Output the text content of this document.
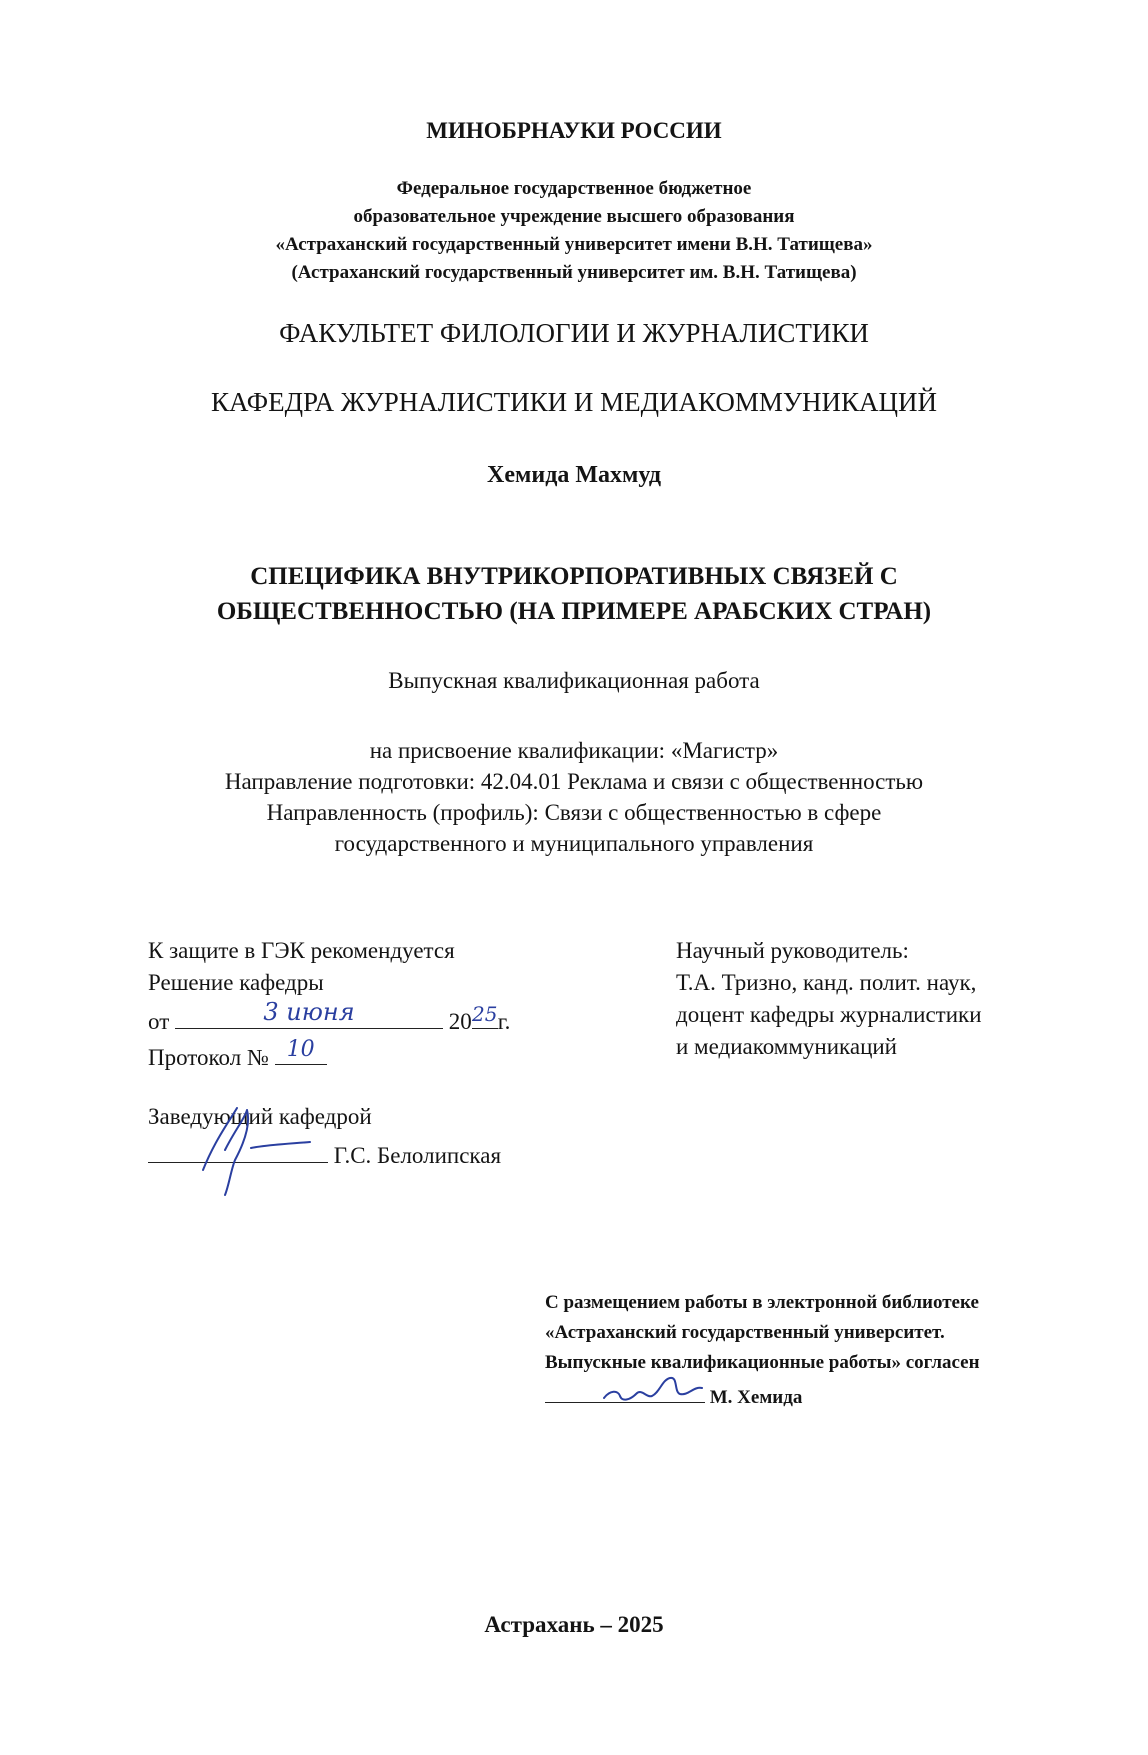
МИНОБРНАУКИ РОССИИ
Федеральное государственное бюджетное
образовательное учреждение высшего образования
«Астраханский государственный университет имени В.Н. Татищева»
(Астраханский государственный университет им. В.Н. Татищева)
ФАКУЛЬТЕТ ФИЛОЛОГИИ И ЖУРНАЛИСТИКИ
КАФЕДРА ЖУРНАЛИСТИКИ И МЕДИАКОММУНИКАЦИЙ
Хемида Махмуд
СПЕЦИФИКА ВНУТРИКОРПОРАТИВНЫХ СВЯЗЕЙ С
ОБЩЕСТВЕННОСТЬЮ (НА ПРИМЕРЕ АРАБСКИХ СТРАН)
Выпускная квалификационная работа
на присвоение квалификации: «Магистр»
Направление подготовки: 42.04.01 Реклама и связи с общественностью
Направленность (профиль): Связи с общественностью в сфере
государственного и муниципального управления
К защите в ГЭК рекомендуется
Решение кафедры
от	3 июня	20 25 г.
Протокол № 10
Заведующий кафедрой
Г.С. Белолипская
Научный руководитель:
Т.А. Тризно, канд. полит. наук,
доцент кафедры журналистики
и медиакоммуникаций
С размещением работы в электронной библиотеке
«Астраханский государственный университет.
Выпускные квалификационные работы» согласен
М. Хемида
Астрахань – 2025
